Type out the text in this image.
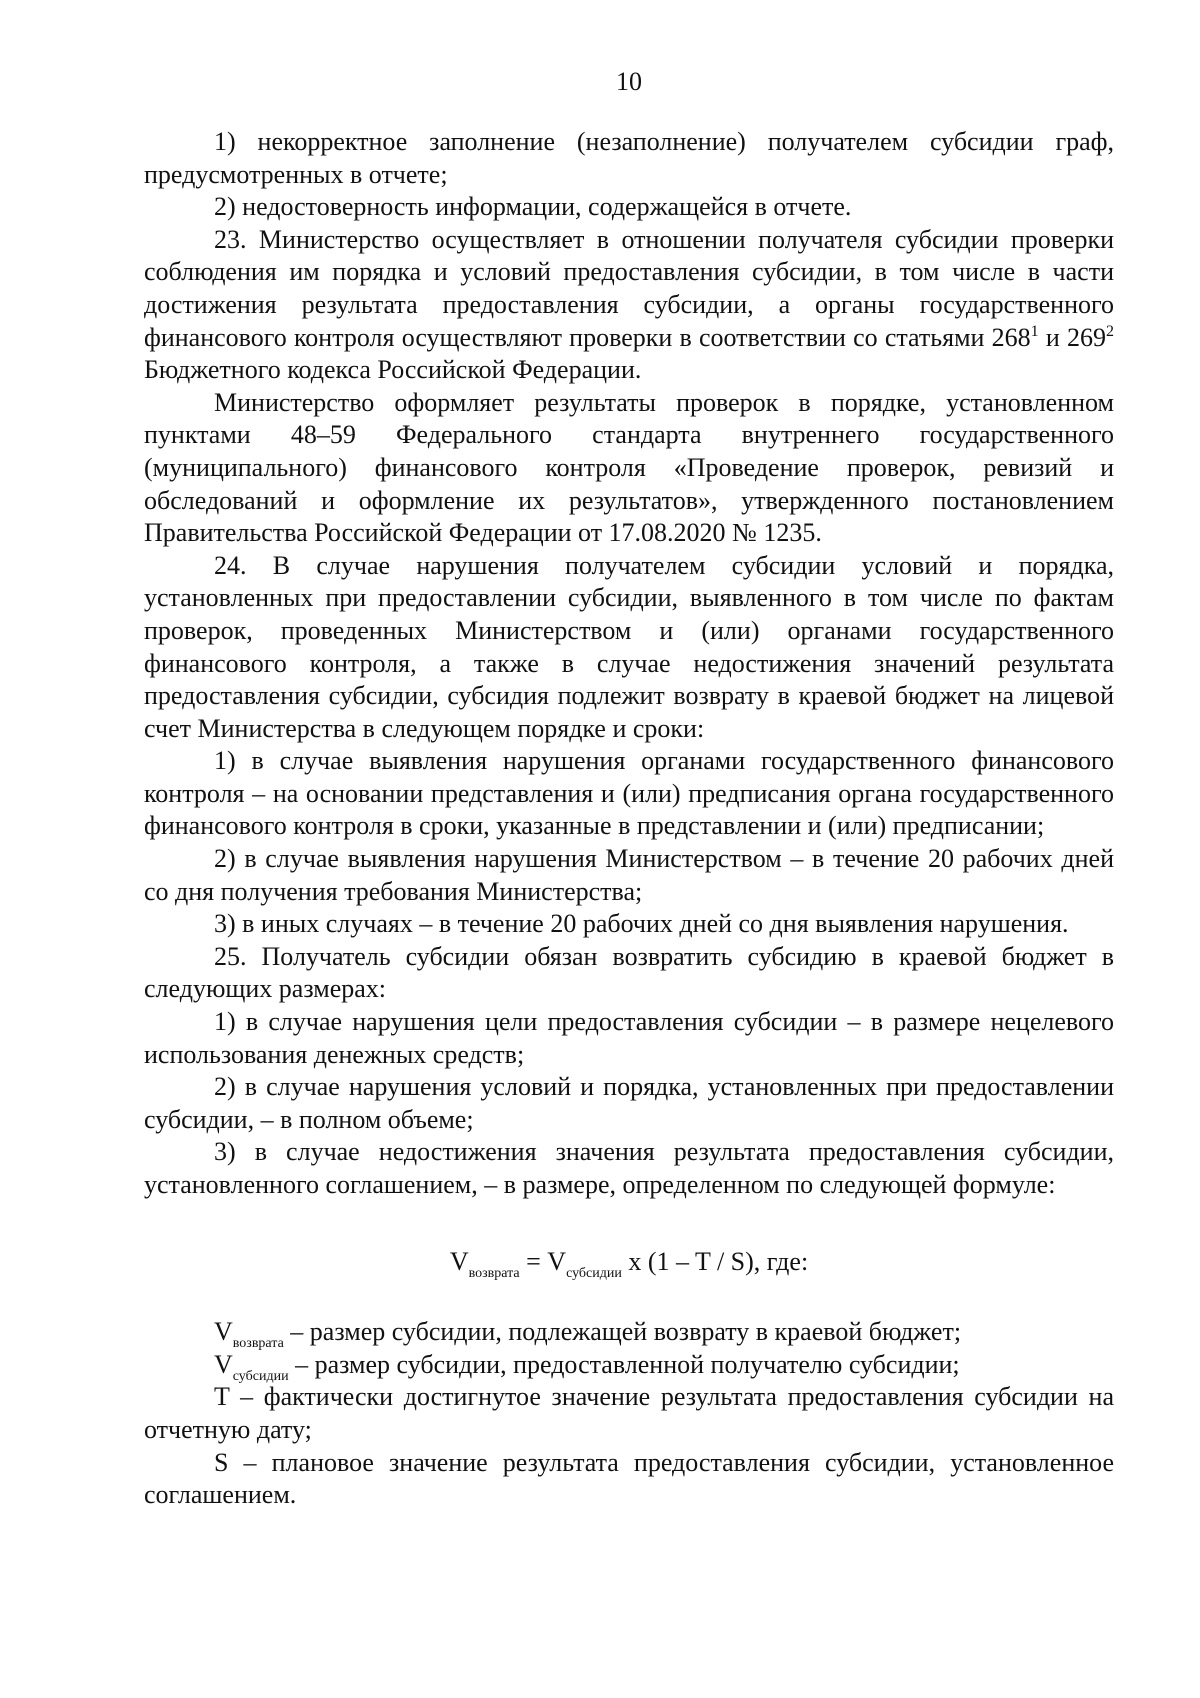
10

1) некорректное заполнение (незаполнение) получателем субсидии граф, предусмотренных в отчете;

2) недостоверность информации, содержащейся в отчете.

23. Министерство осуществляет в отношении получателя субсидии проверки соблюдения им порядка и условий предоставления субсидии, в том числе в части достижения результата предоставления субсидии, а органы государственного финансового контроля осуществляют проверки в соответствии со статьями $268^1$ и $269^2$ Бюджетного кодекса Российской Федерации.

Министерство оформляет результаты проверок в порядке, установленном пунктами 48–59 Федерального стандарта внутреннего государственного (муниципального) финансового контроля «Проведение проверок, ревизий и обследований и оформление их результатов», утвержденного постановлением Правительства Российской Федерации от 17.08.2020 № 1235.

24. В случае нарушения получателем субсидии условий и порядка, установленных при предоставлении субсидии, выявленного в том числе по фактам проверок, проведенных Министерством и (или) органами государственного финансового контроля, а также в случае недостижения значений результата предоставления субсидии, субсидия подлежит возврату в краевой бюджет на лицевой счет Министерства в следующем порядке и сроки:

1) в случае выявления нарушения органами государственного финансового контроля – на основании представления и (или) предписания органа государственного финансового контроля в сроки, указанные в представлении и (или) предписании;

2) в случае выявления нарушения Министерством – в течение 20 рабочих дней со дня получения требования Министерства;

3) в иных случаях – в течение 20 рабочих дней со дня выявления нарушения.

25. Получатель субсидии обязан возвратить субсидию в краевой бюджет в следующих размерах:

1) в случае нарушения цели предоставления субсидии – в размере нецелевого использования денежных средств;

2) в случае нарушения условий и порядка, установленных при предоставлении субсидии, – в полном объеме;

3) в случае недостижения значения результата предоставления субсидии, установленного соглашением, – в размере, определенном по следующей формуле:

$V_{возврата} = V_{субсидии}$ x (1 – T / S), где:

$V_{возврата}$ – размер субсидии, подлежащей возврату в краевой бюджет;

$V_{субсидии}$ – размер субсидии, предоставленной получателю субсидии;

T – фактически достигнутое значение результата предоставления субсидии на отчетную дату;

S – плановое значение результата предоставления субсидии, установленное соглашением.
